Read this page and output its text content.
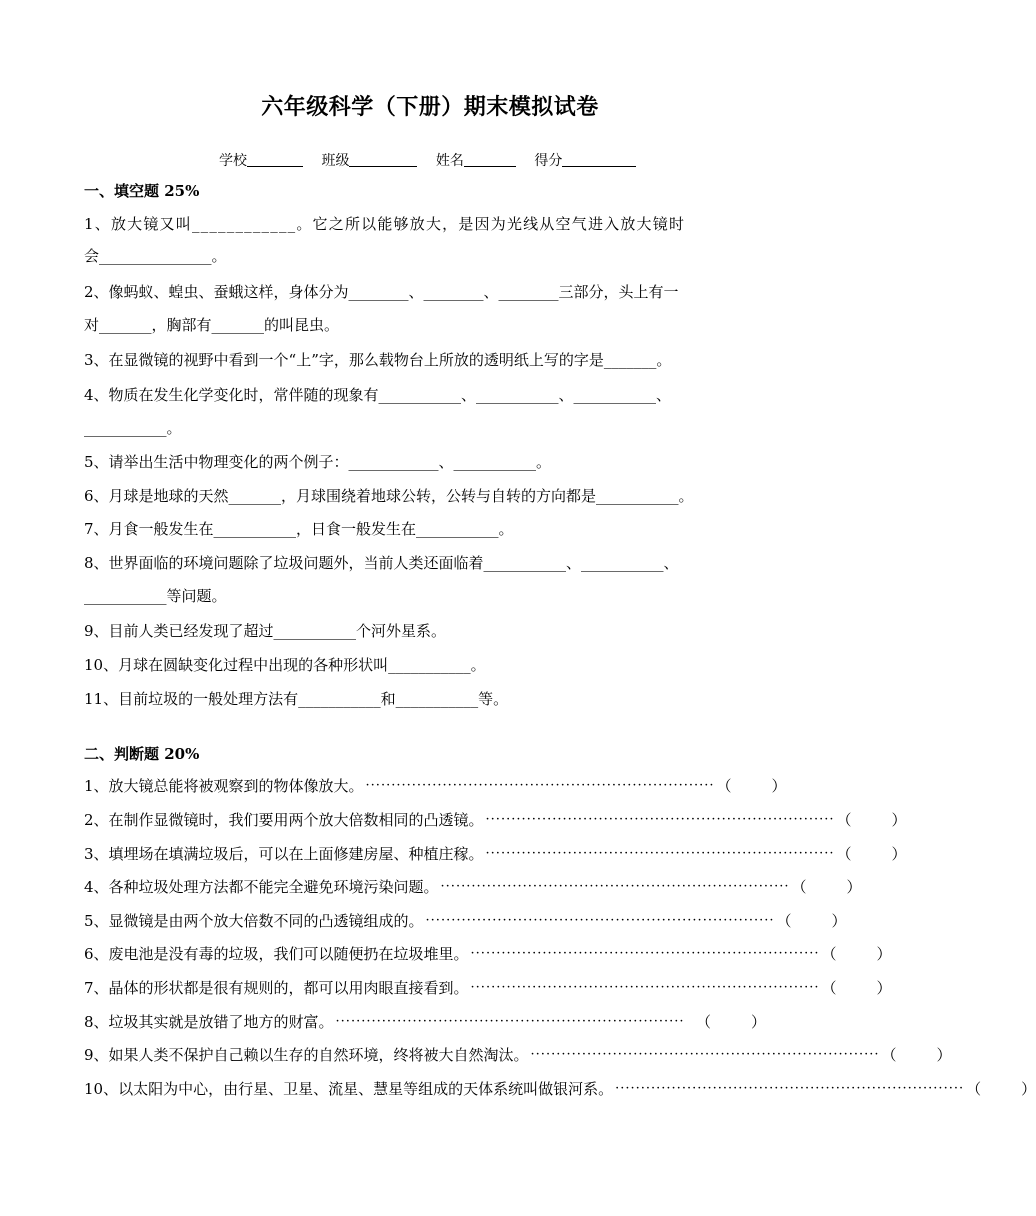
六年级科学（下册）期末模拟试卷
学校	班级	姓名	得分
一、填空题 25%
1、放大镜又叫____________。它之所以能够放大，是因为光线从空气进入放大镜时
会_______________。
2、像蚂蚁、蝗虫、蚕蛾这样，身体分为________、________、________三部分，头上有一
对_______，胸部有_______的叫昆虫。
3、在显微镜的视野中看到一个“上”字，那么载物台上所放的透明纸上写的字是_______。
4、物质在发生化学变化时，常伴随的现象有___________、___________、___________、
___________。
5、请举出生活中物理变化的两个例子：____________、___________。
6、月球是地球的天然_______，月球围绕着地球公转，公转与自转的方向都是___________。
7、月食一般发生在___________，日食一般发生在___________。
8、世界面临的环境问题除了垃圾问题外，当前人类还面临着___________、___________、
___________等问题。
9、目前人类已经发现了超过___________个河外星系。
10、月球在圆缺变化过程中出现的各种形状叫___________。
11、目前垃圾的一般处理方法有___________和___________等。
二、判断题 20%
1、放大镜总能将被观察到的物体像放大。 ···································································· （	）
2、在制作显微镜时，我们要用两个放大倍数相同的凸透镜。 ···································································· （	）
3、填埋场在填满垃圾后，可以在上面修建房屋、种植庄稼。 ···································································· （	）
4、各种垃圾处理方法都不能完全避免环境污染问题。 ···································································· （	）
5、显微镜是由两个放大倍数不同的凸透镜组成的。 ···································································· （	）
6、废电池是没有毒的垃圾，我们可以随便扔在垃圾堆里。 ···································································· （	）
7、晶体的形状都是很有规则的，都可以用肉眼直接看到。 ···································································· （	）
8、垃圾其实就是放错了地方的财富。 ···································································· （	）
9、如果人类不保护自己赖以生存的自然环境，终将被大自然淘汰。 ···································································· （	）
10、以太阳为中心，由行星、卫星、流星、慧星等组成的天体系统叫做银河系。 ···································································· （	）
